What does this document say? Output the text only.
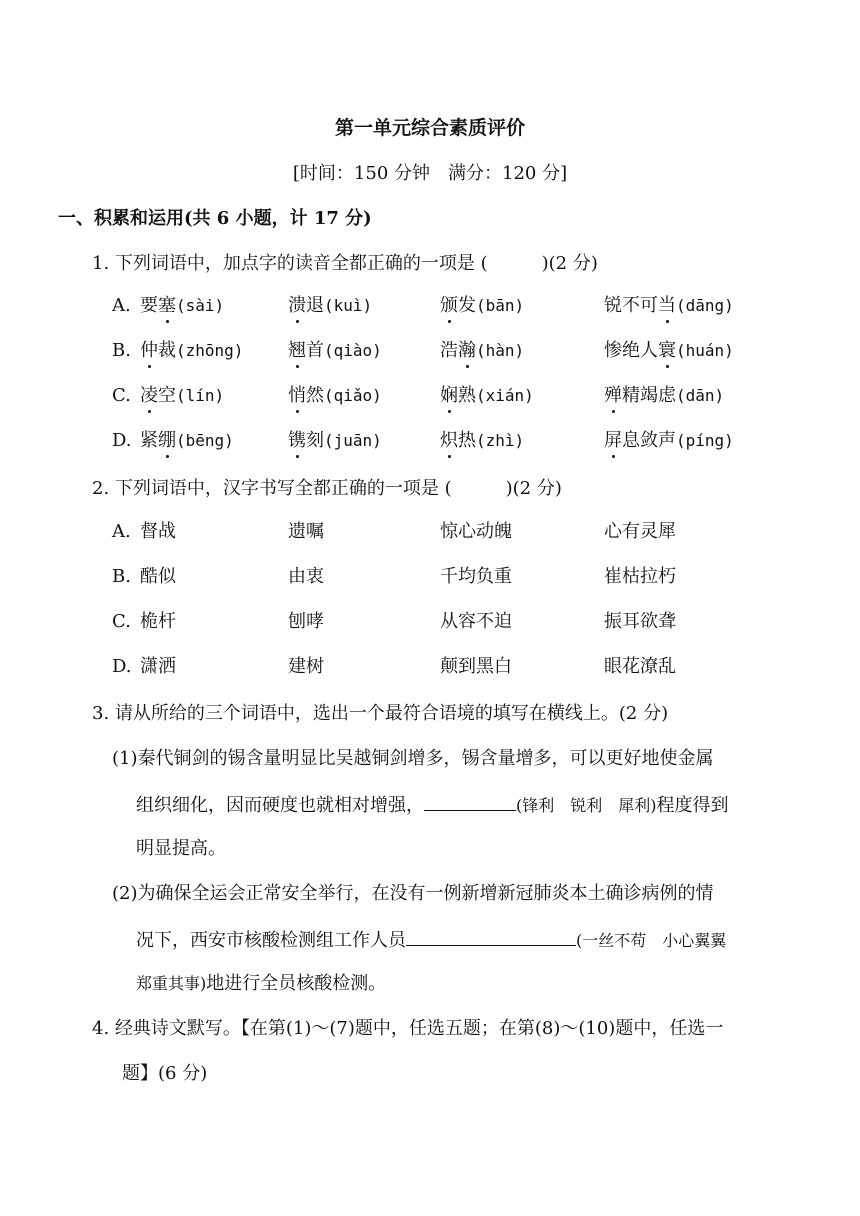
第一单元综合素质评价
[时间：150 分钟　满分：120 分]
一、积累和运用(共 6 小题，计 17 分)
1. 下列词语中，加点字的读音全都正确的一项是 (　　　)(2 分)
A. 要塞(sài)	溃退(kuì)	颁发(bān)	锐不可当(dāng)
B. 仲裁(zhōng) 翘首(qiào)	浩瀚(hàn)	惨绝人寰(huán)
C. 凌空(lín)	悄然(qiǎo)	娴熟(xián)	殚精竭虑(dān)
D. 紧绷(bēng)	镌刻(juān)	炽热(zhì)	屏息敛声(píng)
2. 下列词语中，汉字书写全都正确的一项是 (　　　)(2 分)
A. 督战	遗嘱	惊心动魄	心有灵犀
B. 酷似	由衷	千均负重	崔枯拉朽
C. 桅杆	刨哮	从容不迫	振耳欲聋
D. 潇洒	建树	颠到黑白	眼花潦乱
3. 请从所给的三个词语中，选出一个最符合语境的填写在横线上。(2 分)
(1)秦代铜剑的锡含量明显比吴越铜剑增多，锡含量增多，可以更好地使金属
组织细化，因而硬度也就相对增强，	(锋利　锐利　犀利)程度得到
明显提高。
(2)为确保全运会正常安全举行，在没有一例新增新冠肺炎本土确诊病例的情
况下，西安市核酸检测组工作人员	(一丝不苟　小心翼翼
郑重其事)地进行全员核酸检测。
4. 经典诗文默写。【在第(1)～(7)题中，任选五题；在第(8)～(10)题中，任选一
题】(6 分)
